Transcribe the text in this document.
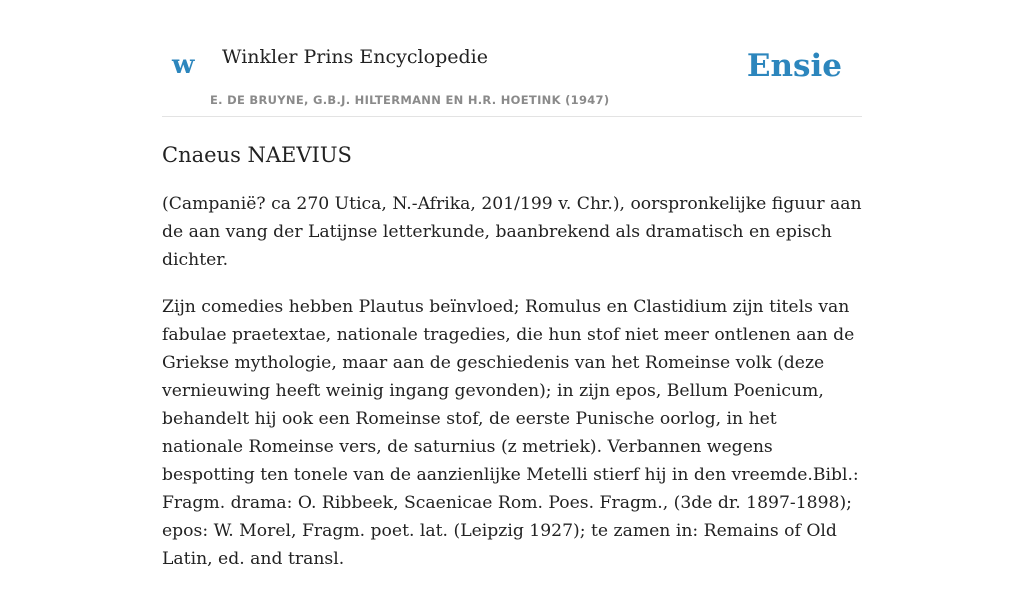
w Winkler Prins Encyclopedie
E. DE BRUYNE, G.B.J. HILTERMANN EN H.R. HOETINK (1947)
Ensie
Cnaeus NAEVIUS

(Campanië? ca 270 Utica, N.-Afrika, 201/199 v. Chr.), oorspronkelijke figuur aan de aan vang der Latijnse letterkunde, baanbrekend als dramatisch en episch dichter.

Zijn comedies hebben Plautus beïnvloed; Romulus en Clastidium zijn titels van fabulae praetextae, nationale tragedies, die hun stof niet meer ontlenen aan de Griekse mythologie, maar aan de geschiedenis van het Romeinse volk (deze vernieuwing heeft weinig ingang gevonden); in zijn epos, Bellum Poenicum, behandelt hij ook een Romeinse stof, de eerste Punische oorlog, in het nationale Romeinse vers, de saturnius (z metriek). Verbannen wegens bespotting ten tonele van de aanzienlijke Metelli stierf hij in den vreemde.Bibl.: Fragm. drama: O. Ribbeek, Scaenicae Rom. Poes. Fragm., (3de dr. 1897-1898); epos: W. Morel, Fragm. poet. lat. (Leipzig 1927); te zamen in: Remains of Old Latin, ed. and transl.
